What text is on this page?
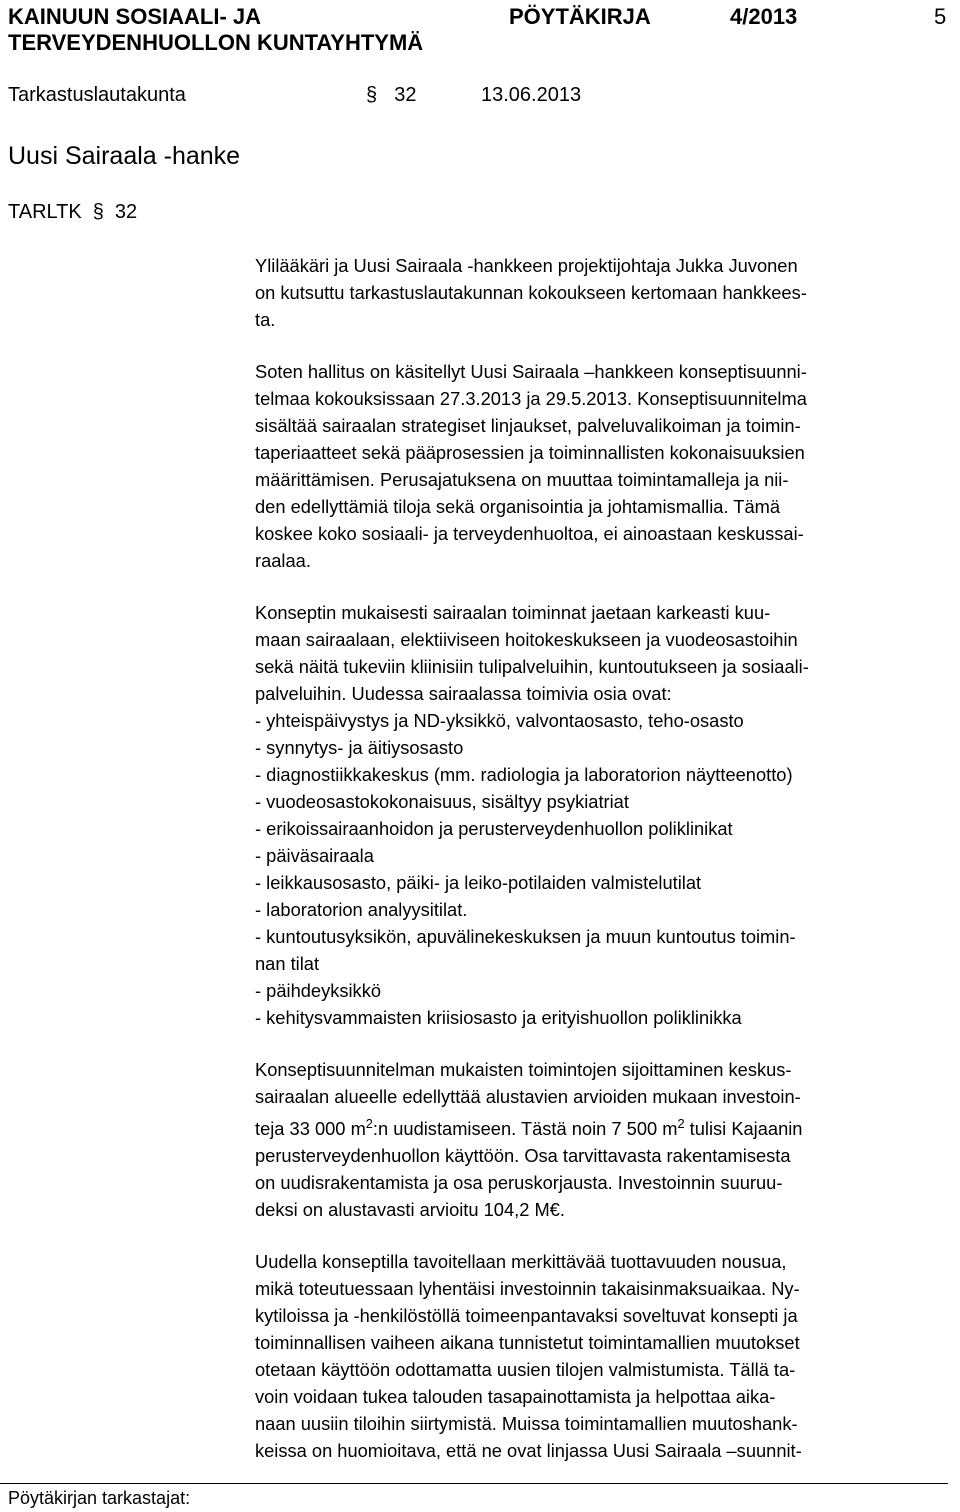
KAINUUN SOSIAALI- JA
TERVEYDENHUOLLON KUNTAYHTYMÄ
PÖYTÄKIRJA	4/2013	5
Tarkastuslautakunta	§ 32	13.06.2013
Uusi Sairaala -hanke
TARLTK § 32
Ylilääkäri ja Uusi Sairaala -hankkeen projektijohtaja Jukka Juvonen
on kutsuttu tarkastuslautakunnan kokoukseen kertomaan hankkees-
ta.
Soten hallitus on käsitellyt Uusi Sairaala –hankkeen konseptisuunni-
telmaa kokouksissaan 27.3.2013 ja 29.5.2013. Konseptisuunnitelma
sisältää sairaalan strategiset linjaukset, palveluvalikoiman ja toimin-
taperiaatteet sekä pääprosessien ja toiminnallisten kokonaisuuksien
määrittämisen. Perusajatuksena on muuttaa toimintamalleja ja nii-
den edellyttämiä tiloja sekä organisointia ja johtamismallia. Tämä
koskee koko sosiaali- ja terveydenhuoltoa, ei ainoastaan keskussai-
raalaa.
Konseptin mukaisesti sairaalan toiminnat jaetaan karkeasti kuu-
maan sairaalaan, elektiiviseen hoitokeskukseen ja vuodeosastoihin
sekä näitä tukeviin kliinisiin tulipalveluihin, kuntoutukseen ja sosiaali-
palveluihin. Uudessa sairaalassa toimivia osia ovat:
- yhteispäivystys ja ND-yksikkö, valvontaosasto, teho-osasto
- synnytys- ja äitiysosasto
- diagnostiikkakeskus (mm. radiologia ja laboratorion näytteenotto)
- vuodeosastokokonaisuus, sisältyy psykiatriat
- erikoissairaanhoidon ja perusterveydenhuollon poliklinikat
- päiväsairaala
- leikkausosasto, päiki- ja leiko-potilaiden valmistelutilat
- laboratorion analyysitilat.
- kuntoutusyksikön, apuvälinekeskuksen ja muun kuntoutus toimin-
nan tilat
- päihdeyksikkö
- kehitysvammaisten kriisiosasto ja erityishuollon poliklinikka
Konseptisuunnitelman mukaisten toimintojen sijoittaminen keskus-
sairaalan alueelle edellyttää alustavien arvioiden mukaan investoin-
teja 33 000 $m^2:n$ uudistamiseen. Tästä noin 7 500 $m^2$ tulisi Kajaanin
perusterveydenhuollon käyttöön. Osa tarvittavasta rakentamisesta
on uudisrakentamista ja osa peruskorjausta. Investoinnin suuruu-
deksi on alustavasti arvioitu 104,2 M€.
Uudella konseptilla tavoitellaan merkittävää tuottavuuden nousua,
mikä toteutuessaan lyhentäisi investoinnin takaisinmaksuaikaa. Ny-
kytiloissa ja -henkilöstöllä toimeenpantavaksi soveltuvat konsepti ja
toiminnallisen vaiheen aikana tunnistetut toimintamallien muutokset
otetaan käyttöön odottamatta uusien tilojen valmistumista. Tällä ta-
voin voidaan tukea talouden tasapainottamista ja helpottaa aika-
naan uusiin tiloihin siirtymistä. Muissa toimintamallien muutoshank-
keissa on huomioitava, että ne ovat linjassa Uusi Sairaala –suunnit-
Pöytäkirjan tarkastajat:
